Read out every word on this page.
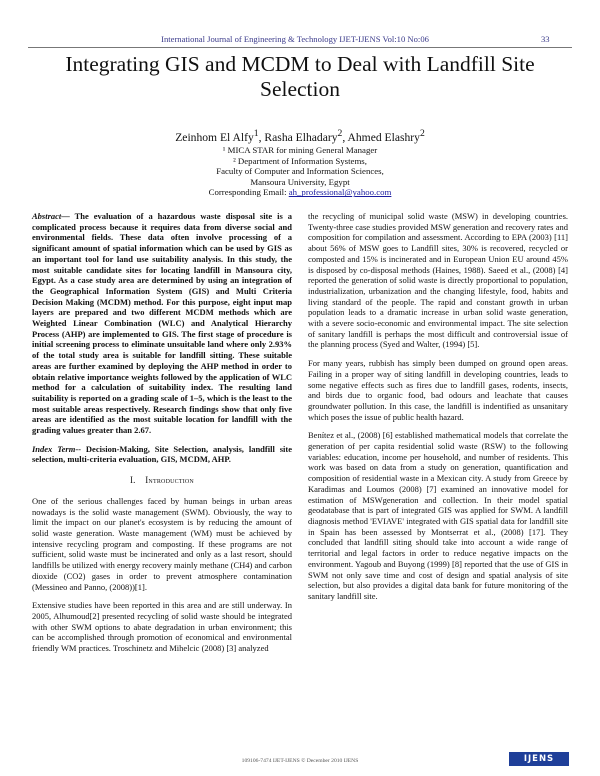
International Journal of Engineering & Technology IJET-IJENS Vol:10 No:06	33
Integrating GIS and MCDM to Deal with Landfill Site Selection
Zeinhom El Alfy$^1$, Rasha Elhadary$^2$, Ahmed Elashry$^2$
¹ MICA STAR for mining General Manager
² Department of Information Systems,
Faculty of Computer and Information Sciences,
Mansoura University, Egypt
Corresponding Email: ah_professional@yahoo.com

Abstract— The evaluation of a hazardous waste disposal site is a complicated process because it requires data from diverse social and environmental fields. These data often involve processing of a significant amount of spatial information which can be used by GIS as an important tool for land use suitability analysis. In this study, the most suitable candidate sites for locating landfill in Mansoura city, Egypt. As a case study area are determined by using an integration of the Geographical Information System (GIS) and Multi Criteria Decision Making (MCDM) method. For this purpose, eight input map layers are prepared and two different MCDM methods which are Weighted Linear Combination (WLC) and Analytical Hierarchy Process (AHP) are implemented to GIS. The first stage of procedure is initial screening process to eliminate unsuitable land where only 2.93% of the total study area is suitable for landfill sitting. These suitable areas are further examined by deploying the AHP method in order to obtain relative importance weights followed by the application of WLC method for a calculation of suitability index. The resulting land suitability is reported on a grading scale of 1–5, which is the least to the most suitable areas respectively. Research findings show that only five areas are identified as the most suitable location for landfill with the grading values greater than 2.67.

Index Term-- Decision-Making, Site Selection, analysis, landfill site selection, multi-criteria evaluation, GIS, MCDM, AHP.

I. Introduction

One of the serious challenges faced by human beings in urban areas nowadays is the solid waste management (SWM). Obviously, the way to limit the impact on our planet's ecosystem is by reducing the amount of solid waste generation. Waste management (WM) must be achieved by intensive recycling program and composting. If these programs are not sufficient, solid waste must be incinerated and only as a last resort, should landfills be utilized with energy recovery mainly methane (CH4) and carbon dioxide (CO2) gases in order to prevent atmosphere contamination (Messineo and Panno, (2008))[1].

Extensive studies have been reported in this area and are still underway. In 2005, Alhumoud[2] presented recycling of solid waste should be integrated with other SWM options to abate degradation in urban environment; this can be accomplished through promotion of economical and environmental friendly WM practices. Troschinetz and Mihelcic (2008) [3] analyzed

the recycling of municipal solid waste (MSW) in developing countries. Twenty-three case studies provided MSW generation and recovery rates and composition for compilation and assessment. According to EPA (2003) [11] about 56% of MSW goes to Landfill sites, 30% is recovered, recycled or composted and 15% is incinerated and in European Union EU around 45% is disposed by co-disposal methods (Haines, 1988). Saeed et al., (2008) [4] reported the generation of solid waste is directly proportional to population, industrialization, urbanization and the changing lifestyle, food, habits and living standard of the people. The rapid and constant growth in urban population leads to a dramatic increase in urban solid waste generation, with a severe socio-economic and environmental impact. The site selection of sanitary landfill is perhaps the most difficult and controversial issue of the planning process (Syed and Walter, (1994) [5].

For many years, rubbish has simply been dumped on ground open areas. Failing in a proper way of siting landfill in developing countries, leads to some negative effects such as fires due to landfill gases, rodents, insects, and birds due to organic food, bad odours and leachate that causes groundwater pollution. In this case, the landfill is indentified as unsanitary which poses the issue of public health hazard.

Benítez et al., (2008) [6] established mathematical models that correlate the generation of per capita residential solid waste (RSW) to the following variables: education, income per household, and number of residents. This work was based on data from a study on generation, quantification and composition of residential waste in a Mexican city. A study from Greece by Karadimas and Loumos (2008) [7] examined an innovative model for estimation of MSWgeneration and collection. In their model spatial geodatabase that is part of integrated GIS was applied for SWM. A landfill diagnosis method 'EVIAVE' integrated with GIS spatial data for landfill site in Spain has been assessed by Montserrat et al., (2008) [17]. They concluded that landfill siting should take into account a wide range of territorial and legal factors in order to reduce negative impacts on the environment. Yagoub and Buyong (1999) [8] reported that the use of GIS in SWM not only save time and cost of design and spatial analysis of site selection, but also provides a digital data bank for future monitoring of the sanitary landfill site.

109106-7474 IJET-IJENS © December 2010 IJENS	IJENS
